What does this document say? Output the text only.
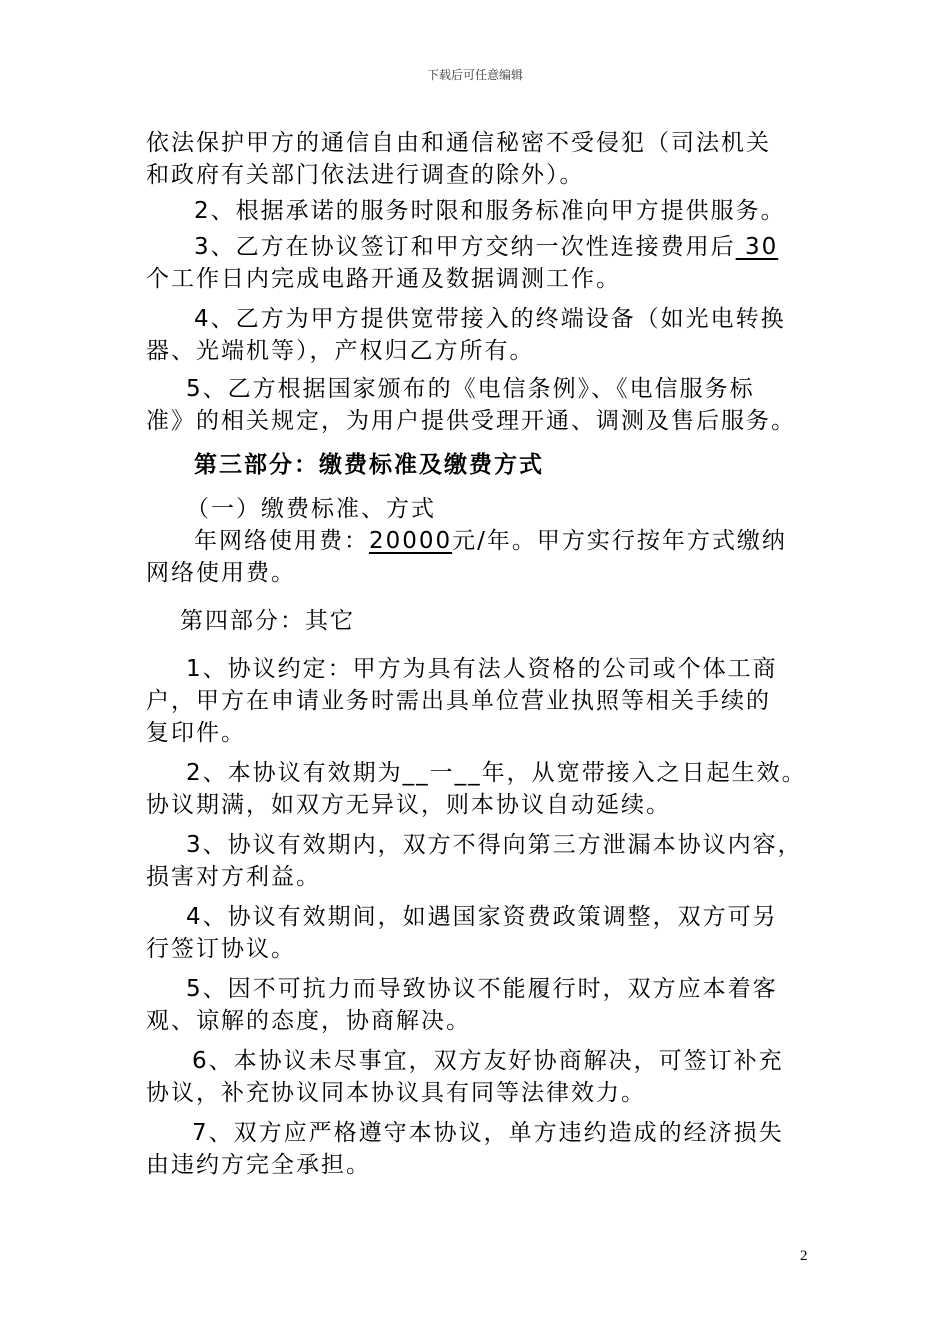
下载后可任意编辑
依法保护甲方的通信自由和通信秘密不受侵犯（司法机关
和政府有关部门依法进行调查的除外）。
2、根据承诺的服务时限和服务标准向甲方提供服务。
3、乙方在协议签订和甲方交纳一次性连接费用后 30
个工作日内完成电路开通及数据调测工作。
4、乙方为甲方提供宽带接入的终端设备（如光电转换
器、光端机等），产权归乙方所有。
5、乙方根据国家颁布的《电信条例》、《电信服务标
准》的相关规定，为用户提供受理开通、调测及售后服务。
第三部分：缴费标准及缴费方式
（一）缴费标准、方式
年网络使用费：20000元/年。甲方实行按年方式缴纳
网络使用费。
第四部分：其它
1、协议约定：甲方为具有法人资格的公司或个体工商
户，甲方在申请业务时需出具单位营业执照等相关手续的
复印件。
2、本协议有效期为__一__年，从宽带接入之日起生效。
协议期满，如双方无异议，则本协议自动延续。
3、协议有效期内，双方不得向第三方泄漏本协议内容，
损害对方利益。
4、协议有效期间，如遇国家资费政策调整，双方可另
行签订协议。
5、因不可抗力而导致协议不能履行时，双方应本着客
观、谅解的态度，协商解决。
6、本协议未尽事宜，双方友好协商解决，可签订补充
协议，补充协议同本协议具有同等法律效力。
7、双方应严格遵守本协议，单方违约造成的经济损失
由违约方完全承担。
2
